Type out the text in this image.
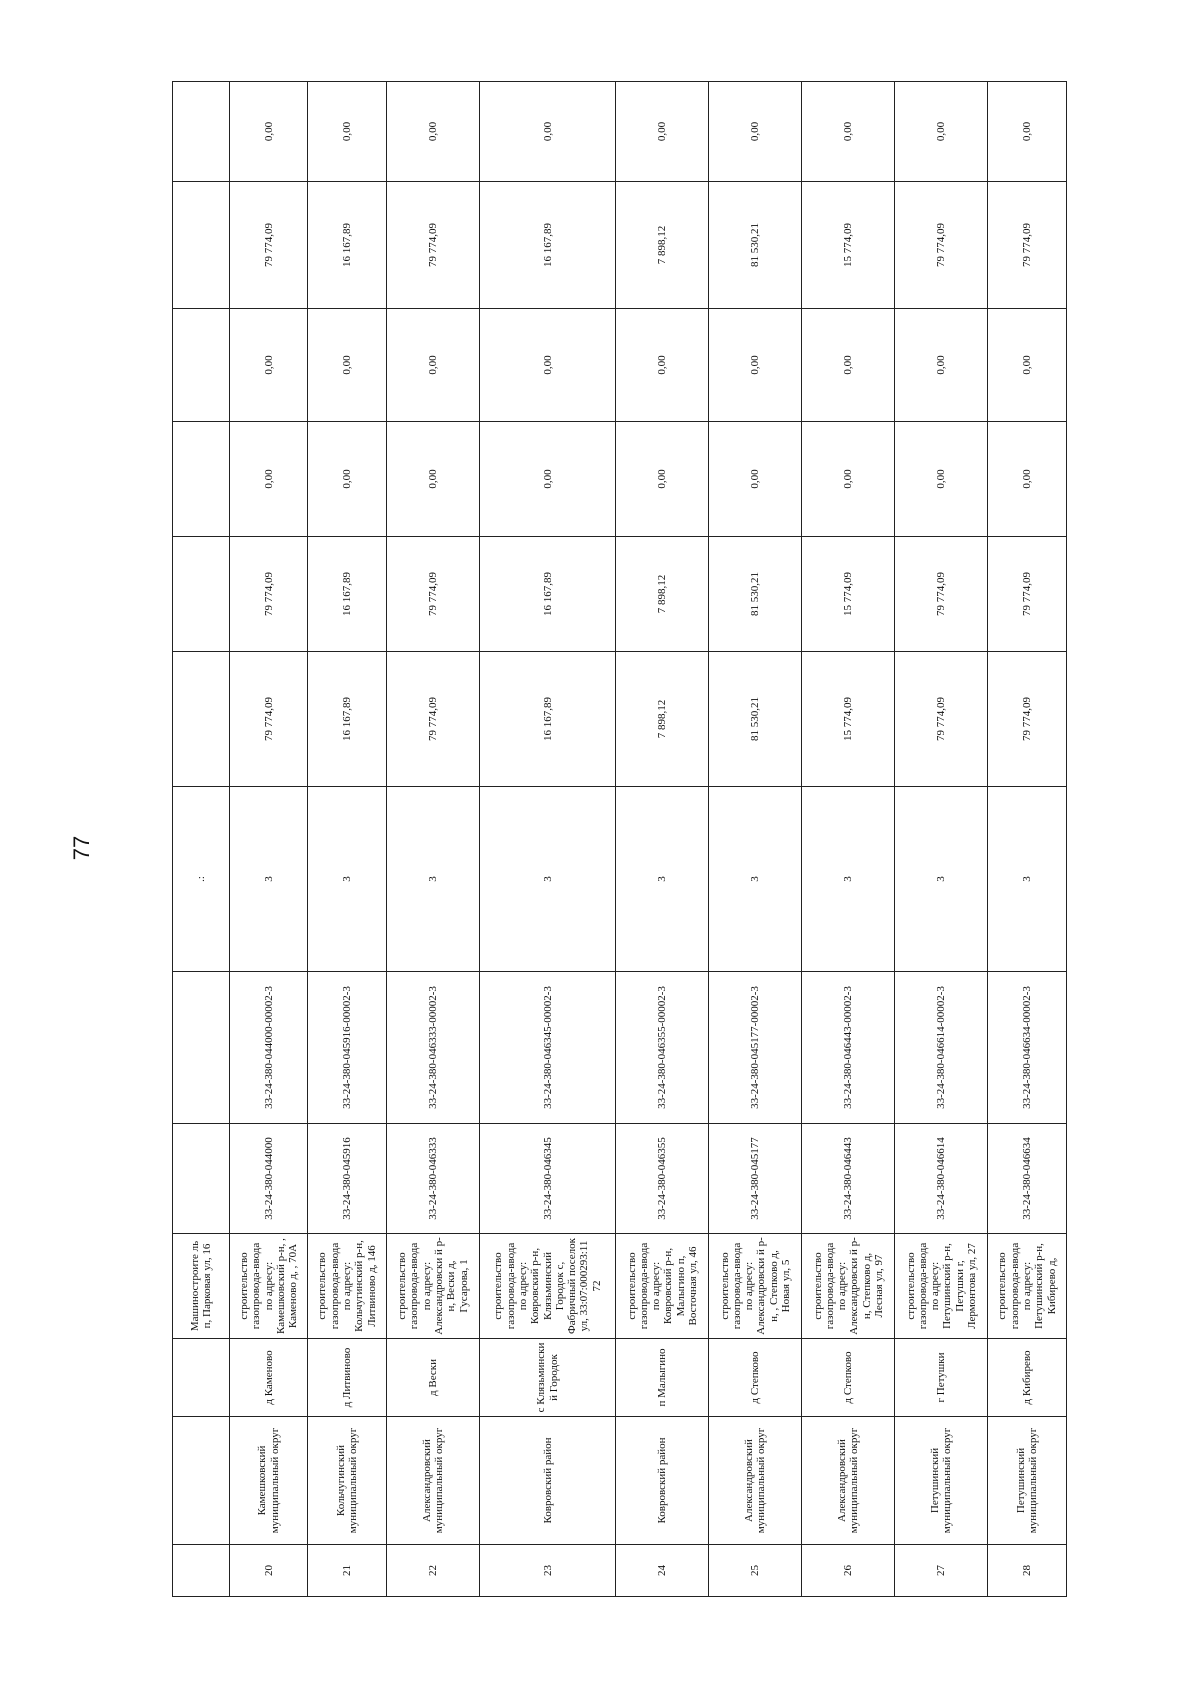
77
			Машиностроите ль п, Парковая ул, 16			.:						
20	Камешковский муниципальный округ	д Каменово	строительство газопровода-ввода по адресу: Камешковский р-н, , Каменово д, , 70А	33-24-380-044000	33-24-380-044000-00002-3	3	79 774,09	79 774,09	0,00	0,00	79 774,09	0,00
21	Кольчугинский муниципальный округ	д Литвиново	строительство газопровода-ввода по адресу: Кольчугинский р-н, Литвиново д, 146	33-24-380-045916	33-24-380-045916-00002-3	3	16 167,89	16 167,89	0,00	0,00	16 167,89	0,00
22	Александровский муниципальный округ	д Вески	строительство газопровода-ввода по адресу: Александровски й р-н, Вески д, Гусарова, 1	33-24-380-046333	33-24-380-046333-00002-3	3	79 774,09	79 774,09	0,00	0,00	79 774,09	0,00
23	Ковровский район	с Клязьмински й Городок	строительство газопровода-ввода по адресу: Ковровский р-н, Клязьминский Городок с, Фабричный поселок ул, 33:07:000293:11 72	33-24-380-046345	33-24-380-046345-00002-3	3	16 167,89	16 167,89	0,00	0,00	16 167,89	0,00
24	Ковровский район	п Малыгино	строительство газопровода-ввода по адресу: Ковровский р-н, Малыгино п, Восточная ул, 46	33-24-380-046355	33-24-380-046355-00002-3	3	7 898,12	7 898,12	0,00	0,00	7 898,12	0,00
25	Александровский муниципальный округ	д Степково	строительство газопровода-ввода по адресу: Александровски й р-н, , Степково д, Новая ул, 5	33-24-380-045177	33-24-380-045177-00002-3	3	81 530,21	81 530,21	0,00	0,00	81 530,21	0,00
26	Александровский муниципальный округ	д Степково	строительство газопровода-ввода по адресу: Александровски й р-н, Степково д, Лесная ул, 97	33-24-380-046443	33-24-380-046443-00002-3	3	15 774,09	15 774,09	0,00	0,00	15 774,09	0,00
27	Петушинский муниципальный округ	г Петушки	строительство газопровода-ввода по адресу: Петушинский р-н, Петушки г, Лермонтова ул, 27	33-24-380-046614	33-24-380-046614-00002-3	3	79 774,09	79 774,09	0,00	0,00	79 774,09	0,00
28	Петушинский муниципальный округ	д Кибирево	строительство газопровода-ввода по адресу: Петушинский р-н, Кибирево д,	33-24-380-046634	33-24-380-046634-00002-3	3	79 774,09	79 774,09	0,00	0,00	79 774,09	0,00
